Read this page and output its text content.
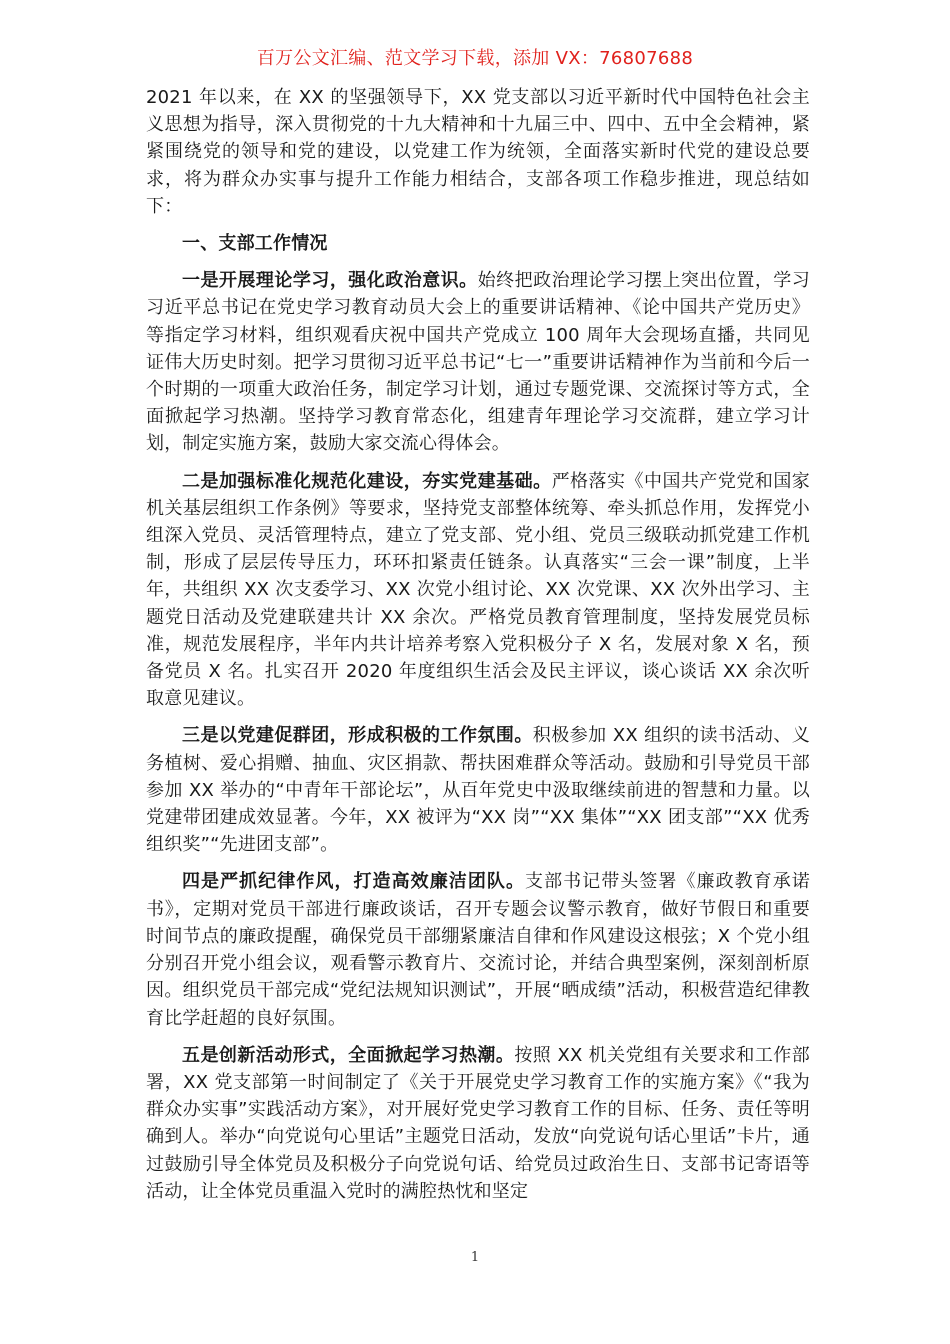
百万公文汇编、范文学习下载，添加 VX：76807688

2021 年以来，在 XX 的坚强领导下，XX 党支部以习近平新时代中国特色社会主义思想为指导，深入贯彻党的十九大精神和十九届三中、四中、五中全会精神，紧紧围绕党的领导和党的建设，以党建工作为统领，全面落实新时代党的建设总要求，将为群众办实事与提升工作能力相结合，支部各项工作稳步推进，现总结如下：

一、支部工作情况

一是开展理论学习，强化政治意识。始终把政治理论学习摆上突出位置，学习习近平总书记在党史学习教育动员大会上的重要讲话精神、《论中国共产党历史》等指定学习材料，组织观看庆祝中国共产党成立 100 周年大会现场直播，共同见证伟大历史时刻。把学习贯彻习近平总书记“七一”重要讲话精神作为当前和今后一个时期的一项重大政治任务，制定学习计划，通过专题党课、交流探讨等方式，全面掀起学习热潮。坚持学习教育常态化，组建青年理论学习交流群，建立学习计划，制定实施方案，鼓励大家交流心得体会。

二是加强标准化规范化建设，夯实党建基础。严格落实《中国共产党党和国家机关基层组织工作条例》等要求，坚持党支部整体统筹、牵头抓总作用，发挥党小组深入党员、灵活管理特点，建立了党支部、党小组、党员三级联动抓党建工作机制，形成了层层传导压力，环环扣紧责任链条。认真落实“三会一课”制度，上半年，共组织 XX 次支委学习、XX 次党小组讨论、XX 次党课、XX 次外出学习、主题党日活动及党建联建共计 XX 余次。严格党员教育管理制度，坚持发展党员标准，规范发展程序，半年内共计培养考察入党积极分子 X 名，发展对象 X 名，预备党员 X 名。扎实召开 2020 年度组织生活会及民主评议，谈心谈话 XX 余次听取意见建议。

三是以党建促群团，形成积极的工作氛围。积极参加 XX 组织的读书活动、义务植树、爱心捐赠、抽血、灾区捐款、帮扶困难群众等活动。鼓励和引导党员干部参加 XX 举办的“中青年干部论坛”，从百年党史中汲取继续前进的智慧和力量。以党建带团建成效显著。今年，XX 被评为“XX 岗”“XX 集体”“XX 团支部”“XX 优秀组织奖”“先进团支部”。

四是严抓纪律作风，打造高效廉洁团队。支部书记带头签署《廉政教育承诺书》，定期对党员干部进行廉政谈话，召开专题会议警示教育，做好节假日和重要时间节点的廉政提醒，确保党员干部绷紧廉洁自律和作风建设这根弦；X 个党小组分别召开党小组会议，观看警示教育片、交流讨论，并结合典型案例，深刻剖析原因。组织党员干部完成“党纪法规知识测试”，开展“晒成绩”活动，积极营造纪律教育比学赶超的良好氛围。

五是创新活动形式，全面掀起学习热潮。按照 XX 机关党组有关要求和工作部署，XX 党支部第一时间制定了《关于开展党史学习教育工作的实施方案》《“我为群众办实事”实践活动方案》，对开展好党史学习教育工作的目标、任务、责任等明确到人。举办“向党说句心里话”主题党日活动，发放“向党说句话心里话”卡片，通过鼓励引导全体党员及积极分子向党说句话、给党员过政治生日、支部书记寄语等活动，让全体党员重温入党时的满腔热忱和坚定

1
